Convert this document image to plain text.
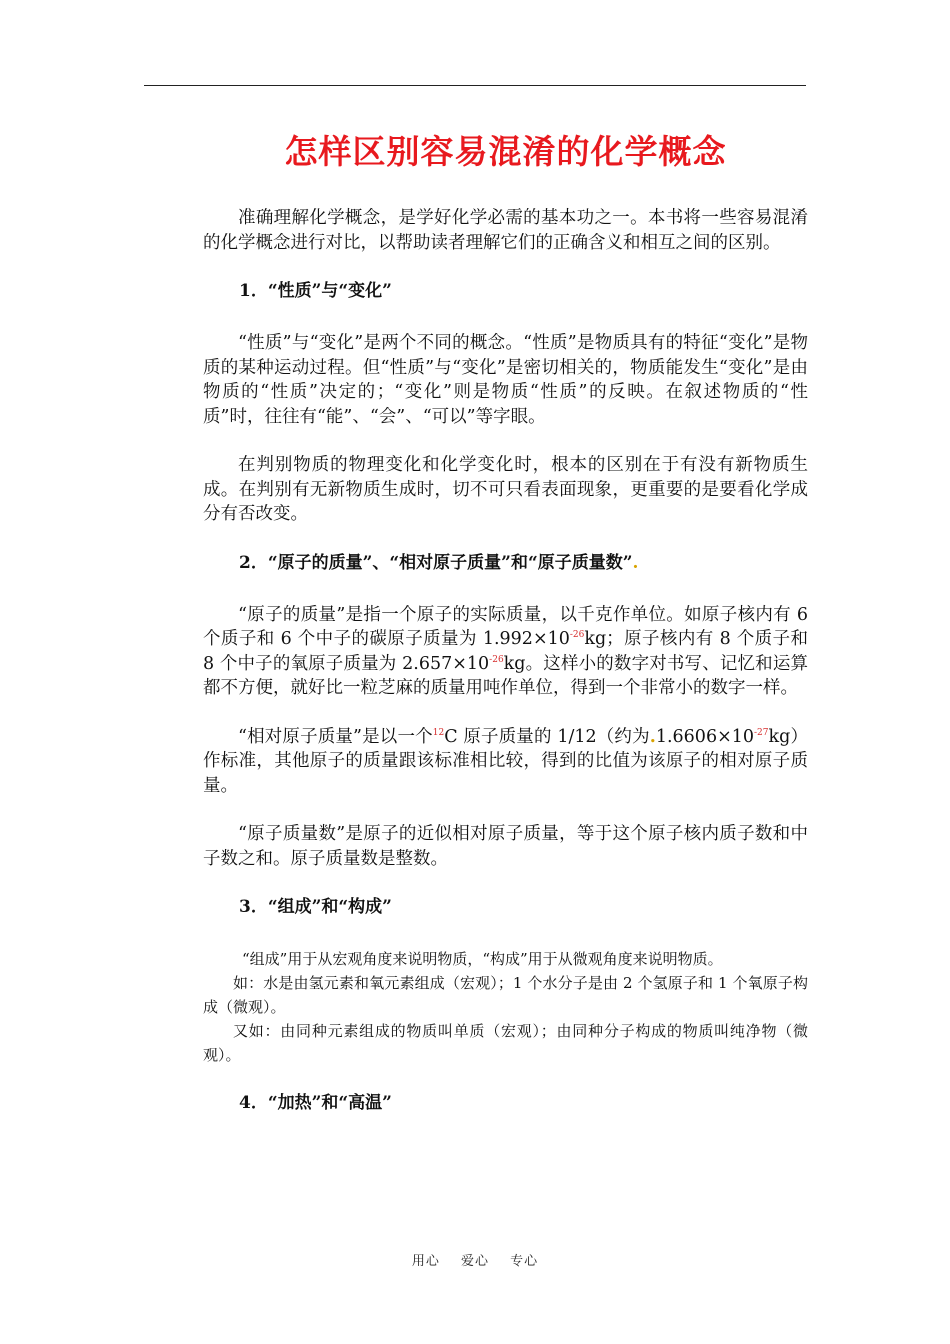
怎样区别容易混淆的化学概念

准确理解化学概念，是学好化学必需的基本功之一。本书将一些容易混淆的化学概念进行对比，以帮助读者理解它们的正确含义和相互之间的区别。

1．“性质”与“变化”

“性质”与“变化”是两个不同的概念。“性质”是物质具有的特征“变化”是物质的某种运动过程。但“性质”与“变化”是密切相关的，物质能发生“变化”是由物质的“性质”决定的；“变化”则是物质“性质”的反映。在叙述物质的“性质”时，往往有“能”、“会”、“可以”等字眼。

在判别物质的物理变化和化学变化时，根本的区别在于有没有新物质生成。在判别有无新物质生成时，切不可只看表面现象，更重要的是要看化学成分有否改变。

2．“原子的质量”、“相对原子质量”和“原子质量数”.

“原子的质量”是指一个原子的实际质量，以千克作单位。如原子核内有 6 个质子和 6 个中子的碳原子质量为 $1.992\times 10^{-26}kg$；原子核内有 8 个质子和 8 个中子的氧原子质量为 $2.657\times 10^{-26}kg$。这样小的数字对书写、记忆和运算都不方便，就好比一粒芝麻的质量用吨作单位，得到一个非常小的数字一样。

“相对原子质量”是以一个$^{12}$C 原子质量的 1/12（约为$.1.6606\times 10^{-27}kg$）作标准，其他原子的质量跟该标准相比较，得到的比值为该原子的相对原子质量。

“原子质量数”是原子的近似相对原子质量，等于这个原子核内质子数和中子数之和。原子质量数是整数。

3．“组成”和“构成”

“组成”用于从宏观角度来说明物质，“构成”用于从微观角度来说明物质。

如：水是由氢元素和氧元素组成（宏观）；1 个水分子是由 2 个氢原子和 1 个氧原子构成（微观）。

又如：由同种元素组成的物质叫单质（宏观）；由同种分子构成的物质叫纯净物（微观）。

4．“加热”和“高温”

用心 爱心 专心
